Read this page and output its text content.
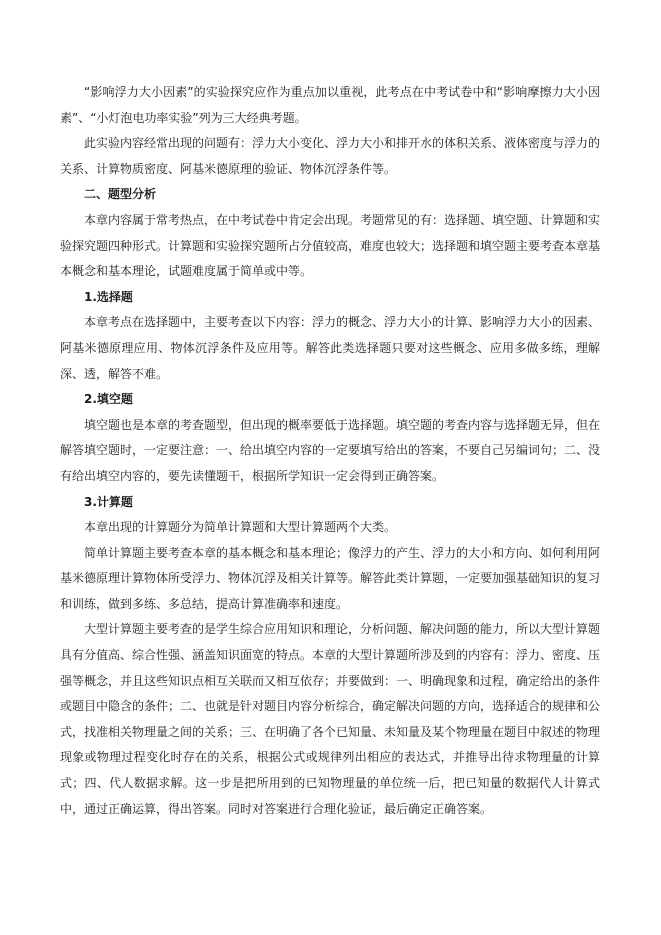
“影响浮力大小因素”的实验探究应作为重点加以重视，此考点在中考试卷中和“影响摩擦力大小因素”、“小灯泡电功率实验”列为三大经典考题。

此实验内容经常出现的问题有：浮力大小变化、浮力大小和排开水的体积关系、液体密度与浮力的关系、计算物质密度、阿基米德原理的验证、物体沉浮条件等。

二、题型分析

本章内容属于常考热点，在中考试卷中肯定会出现。考题常见的有：选择题、填空题、计算题和实验探究题四种形式。计算题和实验探究题所占分值较高，难度也较大；选择题和填空题主要考查本章基本概念和基本理论，试题难度属于简单或中等。

1.选择题

本章考点在选择题中，主要考查以下内容：浮力的概念、浮力大小的计算、影响浮力大小的因素、阿基米德原理应用、物体沉浮条件及应用等。解答此类选择题只要对这些概念、应用多做多练，理解深、透，解答不难。

2.填空题

填空题也是本章的考查题型，但出现的概率要低于选择题。填空题的考查内容与选择题无异，但在解答填空题时，一定要注意：一、给出填空内容的一定要填写给出的答案，不要自己另编词句；二、没有给出填空内容的，要先读懂题干，根据所学知识一定会得到正确答案。

3.计算题

本章出现的计算题分为简单计算题和大型计算题两个大类。

简单计算题主要考查本章的基本概念和基本理论；像浮力的产生、浮力的大小和方向、如何利用阿基米德原理计算物体所受浮力、物体沉浮及相关计算等。解答此类计算题，一定要加强基础知识的复习和训练，做到多练、多总结，提高计算准确率和速度。

大型计算题主要考查的是学生综合应用知识和理论，分析问题、解决问题的能力，所以大型计算题具有分值高、综合性强、涵盖知识面宽的特点。本章的大型计算题所涉及到的内容有：浮力、密度、压强等概念，并且这些知识点相互关联而又相互依存；并要做到：一、明确现象和过程，确定给出的条件或题目中隐含的条件；二、也就是针对题目内容分析综合，确定解决问题的方向，选择适合的规律和公式，找准相关物理量之间的关系；三、在明确了各个已知量、未知量及某个物理量在题目中叙述的物理现象或物理过程变化时存在的关系，根据公式或规律列出相应的表达式，并推导出待求物理量的计算式；四、代人数据求解。这一步是把所用到的已知物理量的单位统一后，把已知量的数据代人计算式中，通过正确运算，得出答案。同时对答案进行合理化验证，最后确定正确答案。
